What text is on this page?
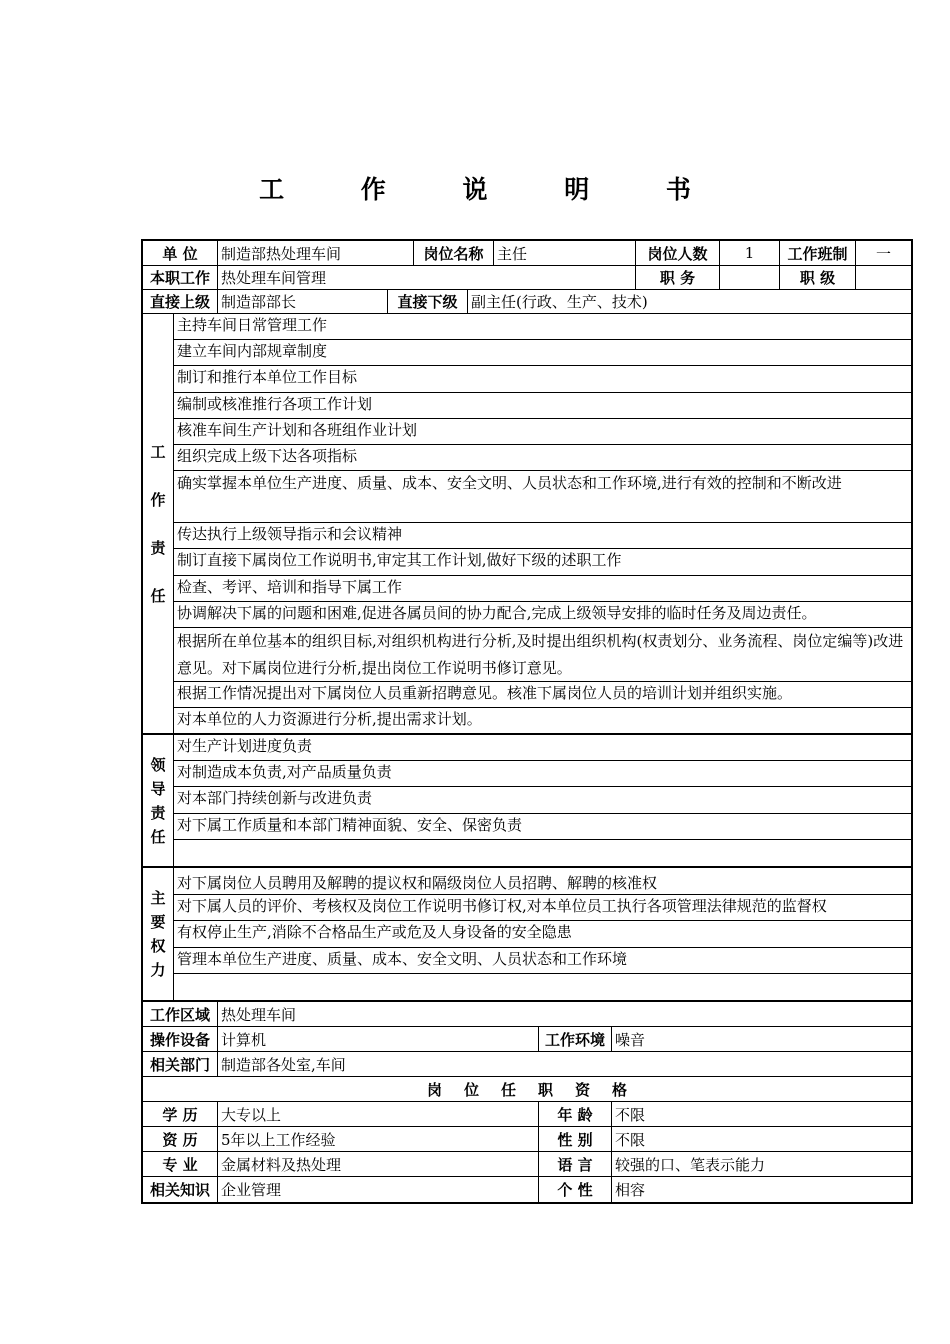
工 作 说 明 书
单 位	制造部热处理车间	岗位名称 主任	岗位人数	1	工作班制	一
本职工作 热处理车间管理	职 务	职 级
直接上级 制造部部长	直接下级 副主任(行政、生产、技术)
工
作
责
任
主持车间日常管理工作
建立车间内部规章制度
制订和推行本单位工作目标
编制或核准推行各项工作计划
核准车间生产计划和各班组作业计划
组织完成上级下达各项指标
确实掌握本单位生产进度、质量、成本、安全文明、人员状态和工作环境,进行有效的控制和不断改进
传达执行上级领导指示和会议精神
制订直接下属岗位工作说明书,审定其工作计划,做好下级的述职工作
检查、考评、培训和指导下属工作
协调解决下属的问题和困难,促进各属员间的协力配合,完成上级领导安排的临时任务及周边责任。
根据所在单位基本的组织目标,对组织机构进行分析,及时提出组织机构(权责划分、业务流程、岗位定编等)改进意见。对下属岗位进行分析,提出岗位工作说明书修订意见。
根据工作情况提出对下属岗位人员重新招聘意见。核准下属岗位人员的培训计划并组织实施。
对本单位的人力资源进行分析,提出需求计划。
领
导
责
任
对生产计划进度负责
对制造成本负责,对产品质量负责
对本部门持续创新与改进负责
对下属工作质量和本部门精神面貌、安全、保密负责
主
要
权
力
对下属岗位人员聘用及解聘的提议权和隔级岗位人员招聘、解聘的核准权
对下属人员的评价、考核权及岗位工作说明书修订权,对本单位员工执行各项管理法律规范的监督权
有权停止生产,消除不合格品生产或危及人身设备的安全隐患
管理本单位生产进度、质量、成本、安全文明、人员状态和工作环境
工作区域 热处理车间
操作设备 计算机	工作环境 噪音
相关部门 制造部各处室,车间
岗位任职资格
学 历	大专以上	年 龄	不限
资 历	5年以上工作经验	性 别	不限
专 业	金属材料及热处理	语 言	较强的口、笔表示能力
相关知识 企业管理	个 性	相容
